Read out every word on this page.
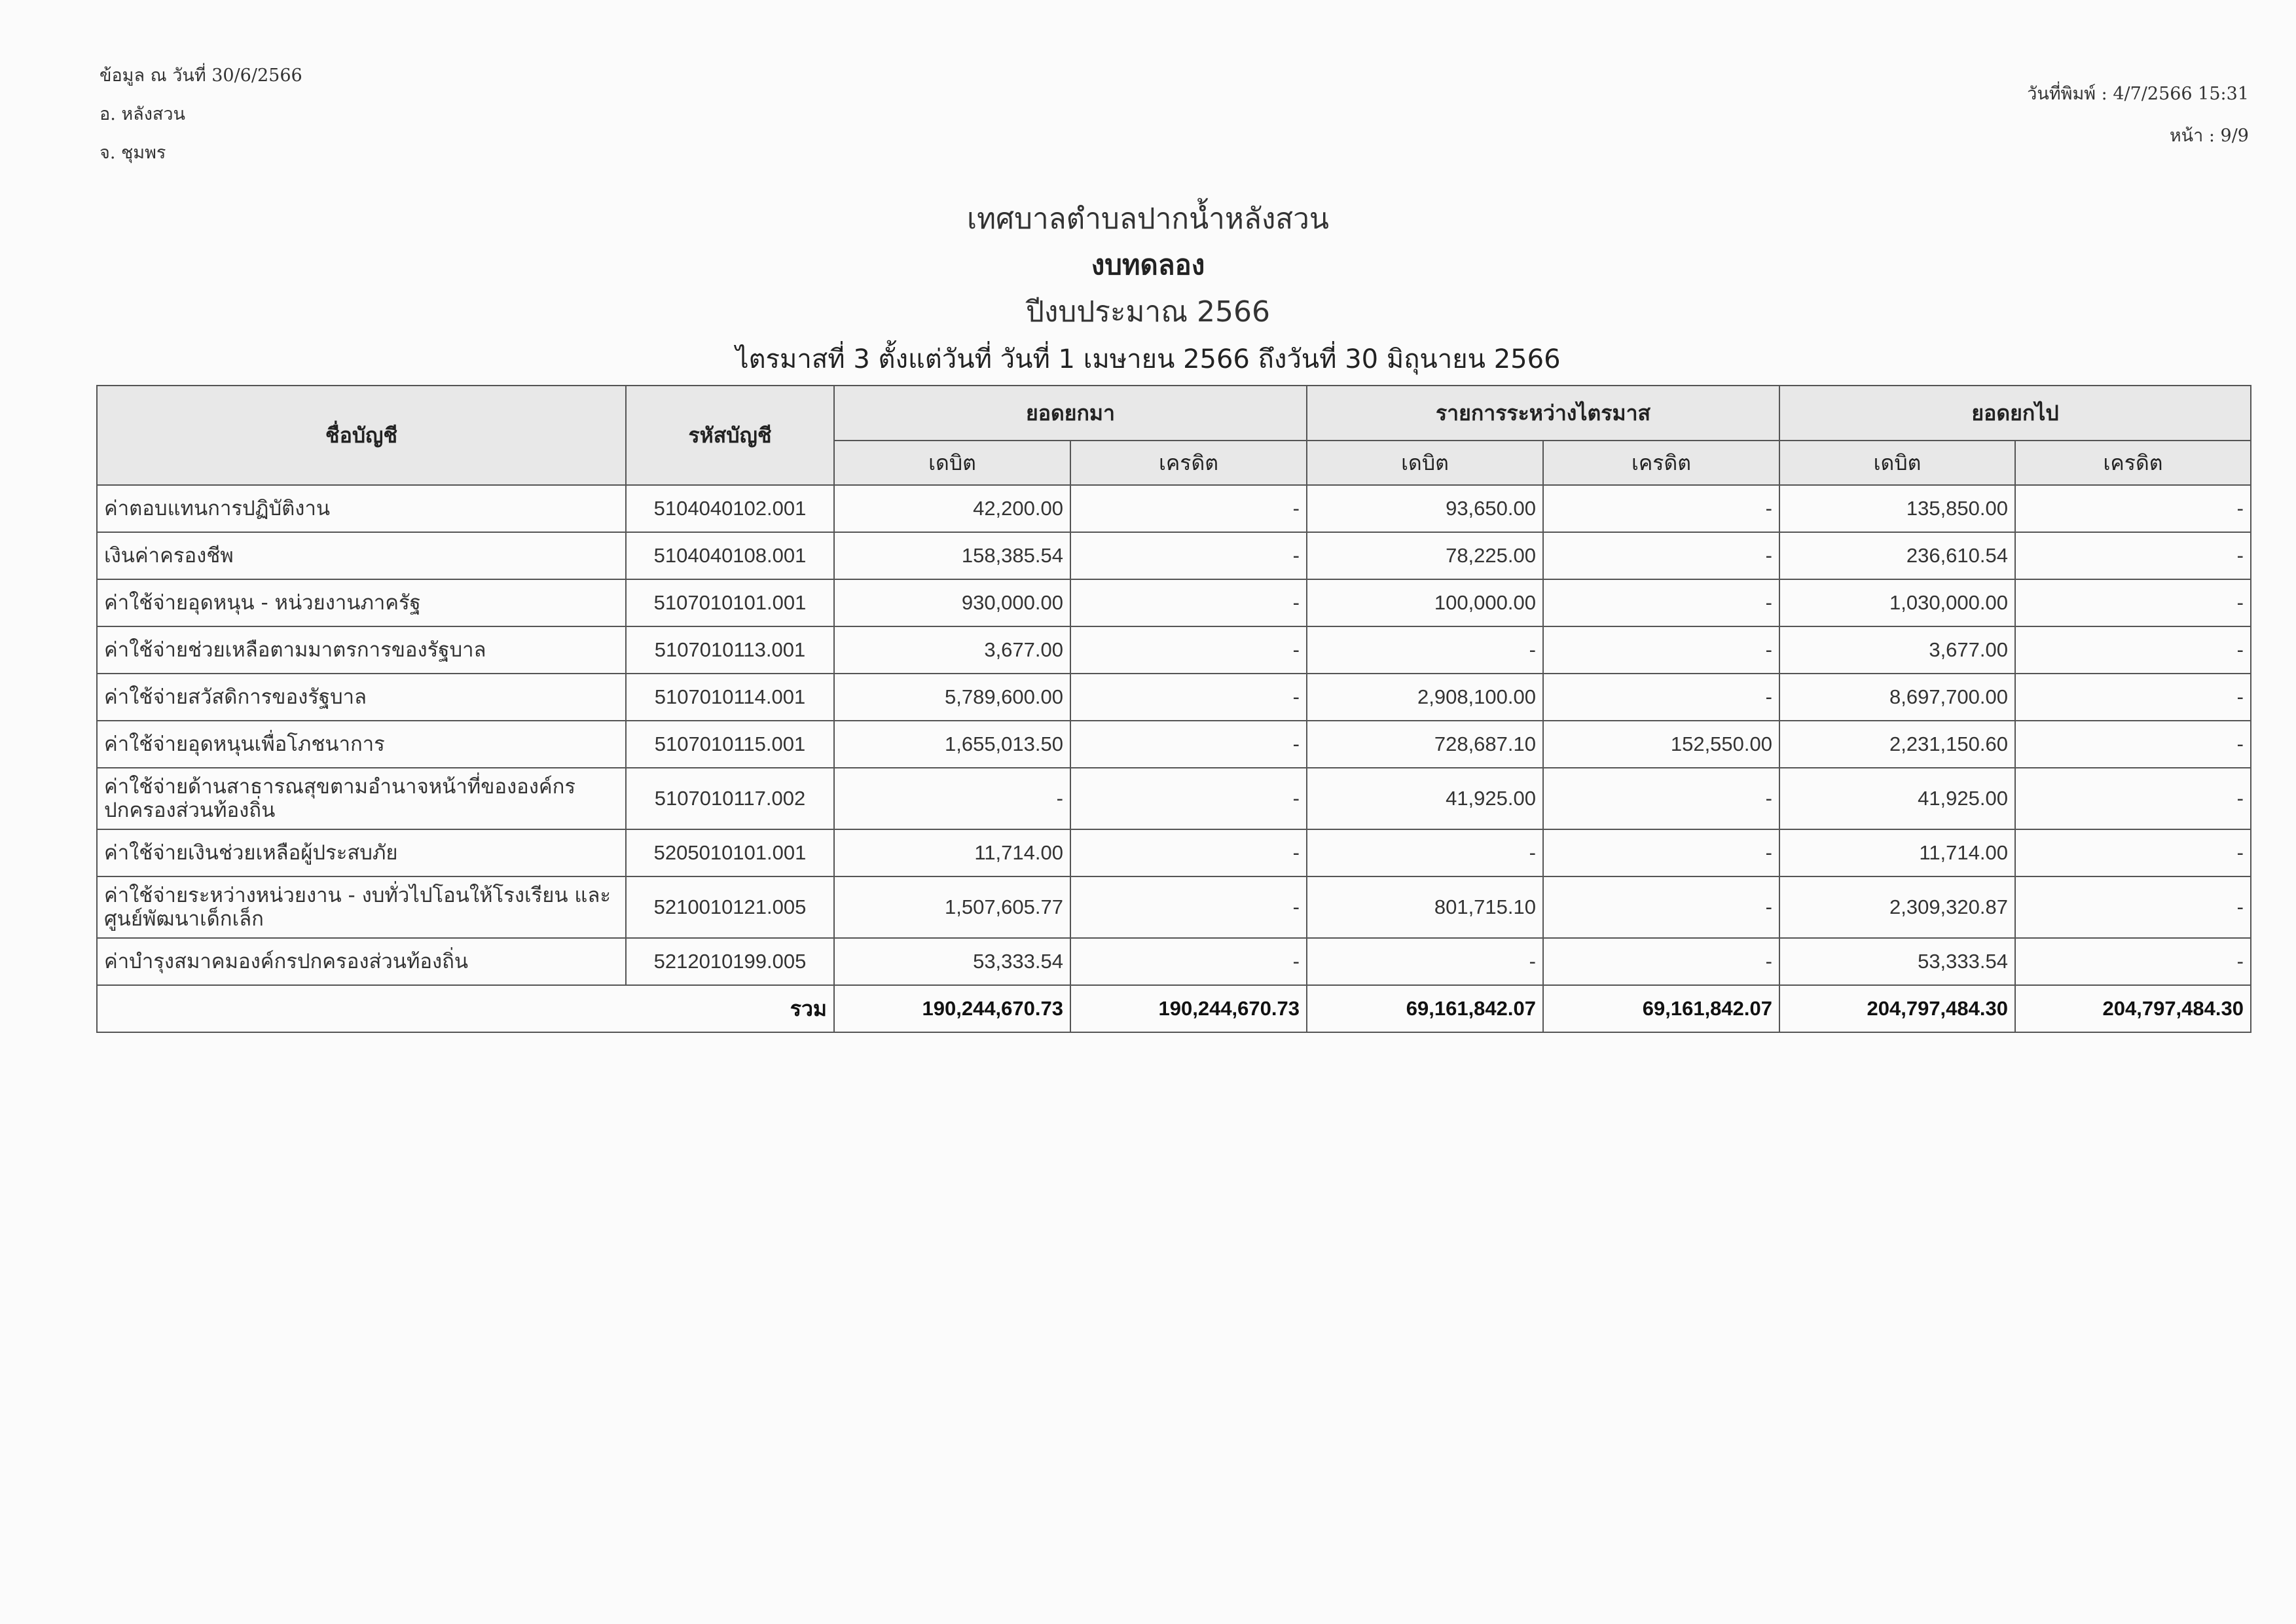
ข้อมูล ณ วันที่ 30/6/2566
อ. หลังสวน
จ. ชุมพร
วันที่พิมพ์ : 4/7/2566 15:31
หน้า : 9/9
เทศบาลตำบลปากน้ำหลังสวน
งบทดลอง
ปีงบประมาณ 2566
ไตรมาสที่ 3 ตั้งแต่วันที่ วันที่ 1 เมษายน 2566 ถึงวันที่ 30 มิถุนายน 2566
ชื่อบัญชี	รหัสบัญชี	ยอดยกมา		รายการระหว่างไตรมาส		ยอดยกไป	
		เดบิต	เครดิต	เดบิต	เครดิต	เดบิต	เครดิต
ค่าตอบแทนการปฏิบัติงาน	5104040102.001	42,200.00	-	93,650.00	-	135,850.00	-
เงินค่าครองชีพ	5104040108.001	158,385.54	-	78,225.00	-	236,610.54	-
ค่าใช้จ่ายอุดหนุน - หน่วยงานภาครัฐ	5107010101.001	930,000.00	-	100,000.00	-	1,030,000.00	-
ค่าใช้จ่ายช่วยเหลือตามมาตรการของรัฐบาล	5107010113.001	3,677.00	-	-	-	3,677.00	-
ค่าใช้จ่ายสวัสดิการของรัฐบาล	5107010114.001	5,789,600.00	-	2,908,100.00	-	8,697,700.00	-
ค่าใช้จ่ายอุดหนุนเพื่อโภชนาการ	5107010115.001	1,655,013.50	-	728,687.10	152,550.00	2,231,150.60	-
ค่าใช้จ่ายด้านสาธารณสุขตามอำนาจหน้าที่ขององค์กรปกครองส่วนท้องถิ่น	5107010117.002	-	-	41,925.00	-	41,925.00	-
ค่าใช้จ่ายเงินช่วยเหลือผู้ประสบภัย	5205010101.001	11,714.00	-	-	-	11,714.00	-
ค่าใช้จ่ายระหว่างหน่วยงาน - งบทั่วไปโอนให้โรงเรียน และศูนย์พัฒนาเด็กเล็ก	5210010121.005	1,507,605.77	-	801,715.10	-	2,309,320.87	-
ค่าบำรุงสมาคมองค์กรปกครองส่วนท้องถิ่น	5212010199.005	53,333.54	-	-	-	53,333.54	-
รวม		190,244,670.73	190,244,670.73	69,161,842.07	69,161,842.07	204,797,484.30	204,797,484.30
